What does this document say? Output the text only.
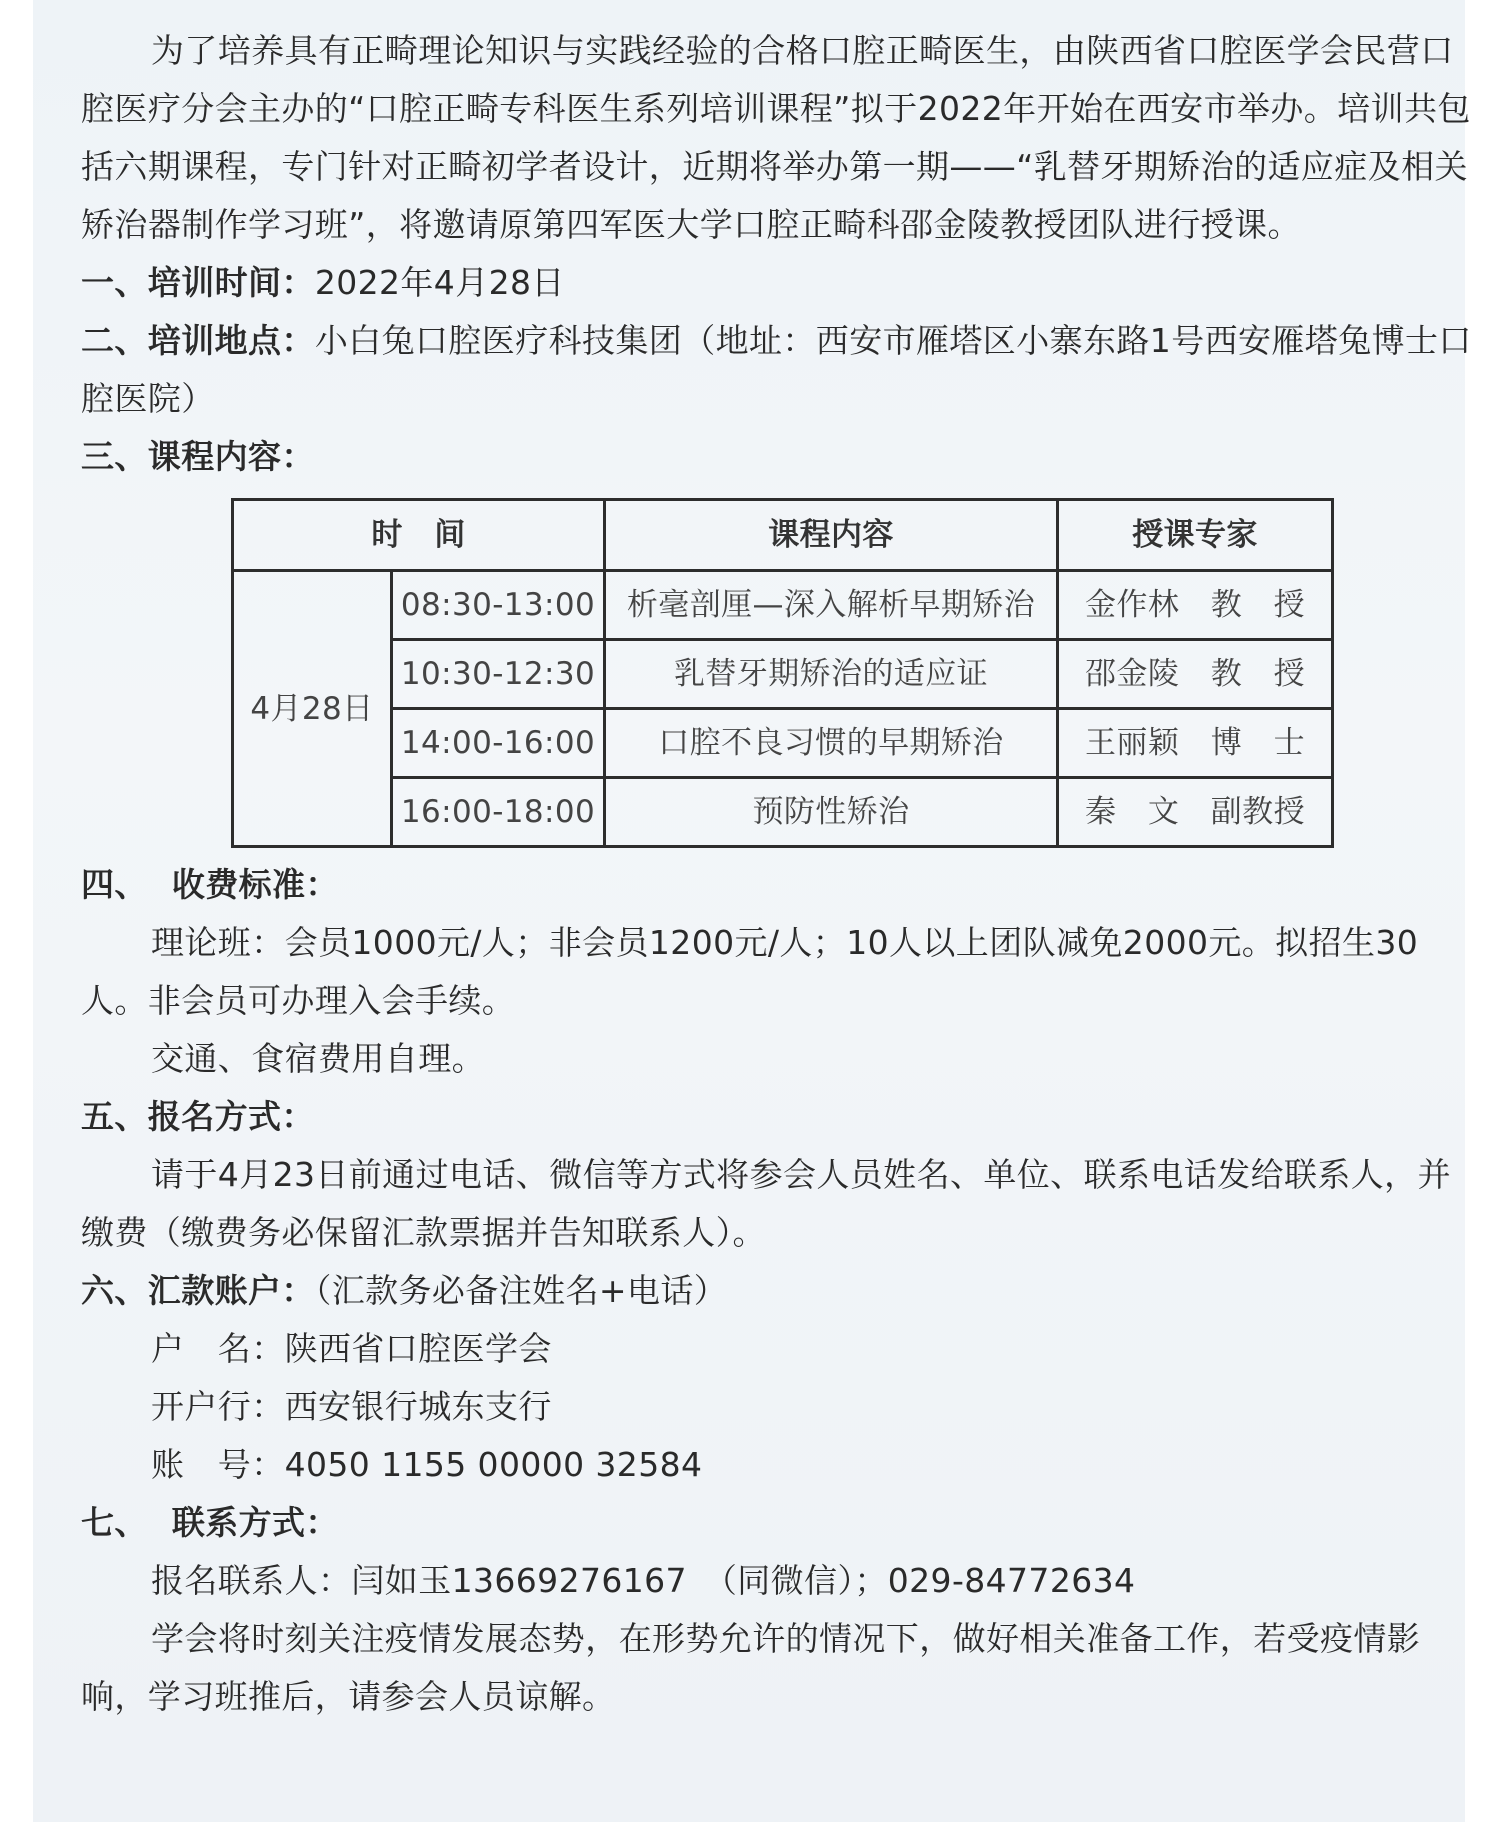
为了培养具有正畸理论知识与实践经验的合格口腔正畸医生，由陕西省口腔医学会民营口腔医疗分会主办的“口腔正畸专科医生系列培训课程”拟于2022年开始在西安市举办。培训共包括六期课程，专门针对正畸初学者设计，近期将举办第一期——“乳替牙期矫治的适应症及相关矫治器制作学习班”，将邀请原第四军医大学口腔正畸科邵金陵教授团队进行授课。

一、培训时间：2022年4月28日

二、培训地点：小白兔口腔医疗科技集团（地址：西安市雁塔区小寨东路1号西安雁塔兔博士口腔医院）

三、课程内容：

时　间		课程内容	授课专家
4月28日	08:30-13:00	析毫剖厘—深入解析早期矫治	金作林　教　授
	10:30-12:30	乳替牙期矫治的适应证	邵金陵　教　授
	14:00-16:00	口腔不良习惯的早期矫治	王丽颖　博　士
	16:00-18:00	预防性矫治	秦　文　副教授

四、 收费标准：

理论班：会员1000元/人；非会员1200元/人；10人以上团队减免2000元。拟招生30人。非会员可办理入会手续。

交通、食宿费用自理。

五、报名方式：

请于4月23日前通过电话、微信等方式将参会人员姓名、单位、联系电话发给联系人，并缴费（缴费务必保留汇款票据并告知联系人）。

六、汇款账户：（汇款务必备注姓名+电话）

户　名：陕西省口腔医学会

开户行：西安银行城东支行

账　号：4050 1155 00000 32584

七、 联系方式：

报名联系人：闫如玉13669276167　（同微信）；029-84772634

学会将时刻关注疫情发展态势，在形势允许的情况下，做好相关准备工作，若受疫情影响，学习班推后，请参会人员谅解。
